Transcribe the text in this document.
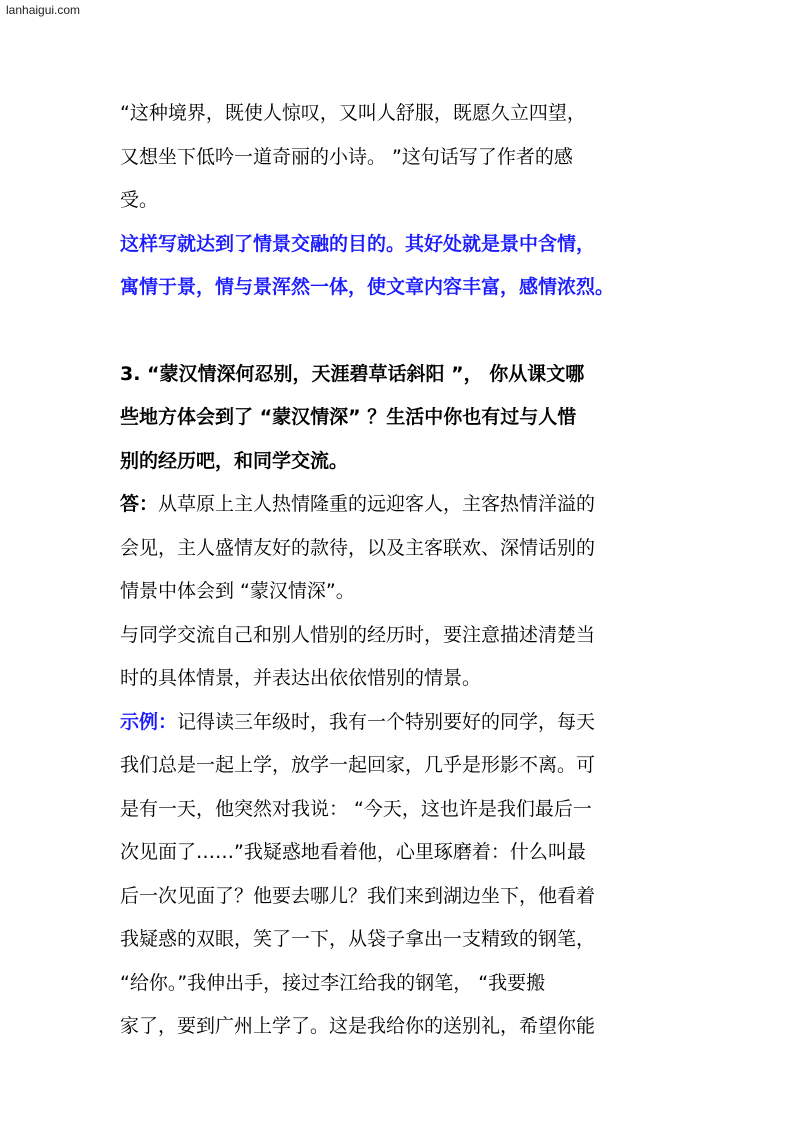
lanhaigui.com

“这种境界，既使人惊叹，又叫人舒服，既愿久立四望，

又想坐下低吟一道奇丽的小诗。 ”这句话写了作者的感

受。

这样写就达到了情景交融的目的。其好处就是景中含情，

寓情于景，情与景浑然一体，使文章内容丰富，感情浓烈。

3. “蒙汉情深何忍别，天涯碧草话斜阳 ”， 你从课文哪

些地方体会到了 “蒙汉情深” ？生活中你也有过与人惜

别的经历吧，和同学交流。

答：从草原上主人热情隆重的远迎客人，主客热情洋溢的

会见，主人盛情友好的款待，以及主客联欢、深情话别的

情景中体会到 “蒙汉情深”。

与同学交流自己和别人惜别的经历时，要注意描述清楚当

时的具体情景，并表达出依依惜别的情景。

示例：记得读三年级时，我有一个特别要好的同学，每天

我们总是一起上学，放学一起回家，几乎是形影不离。可

是有一天，他突然对我说： “今天，这也许是我们最后一

次见面了……”我疑惑地看着他，心里琢磨着：什么叫最

后一次见面了？他要去哪儿？我们来到湖边坐下，他看着

我疑惑的双眼，笑了一下，从袋子拿出一支精致的钢笔，

“给你。”我伸出手，接过李江给我的钢笔， “我要搬

家了，要到广州上学了。这是我给你的送别礼，希望你能
